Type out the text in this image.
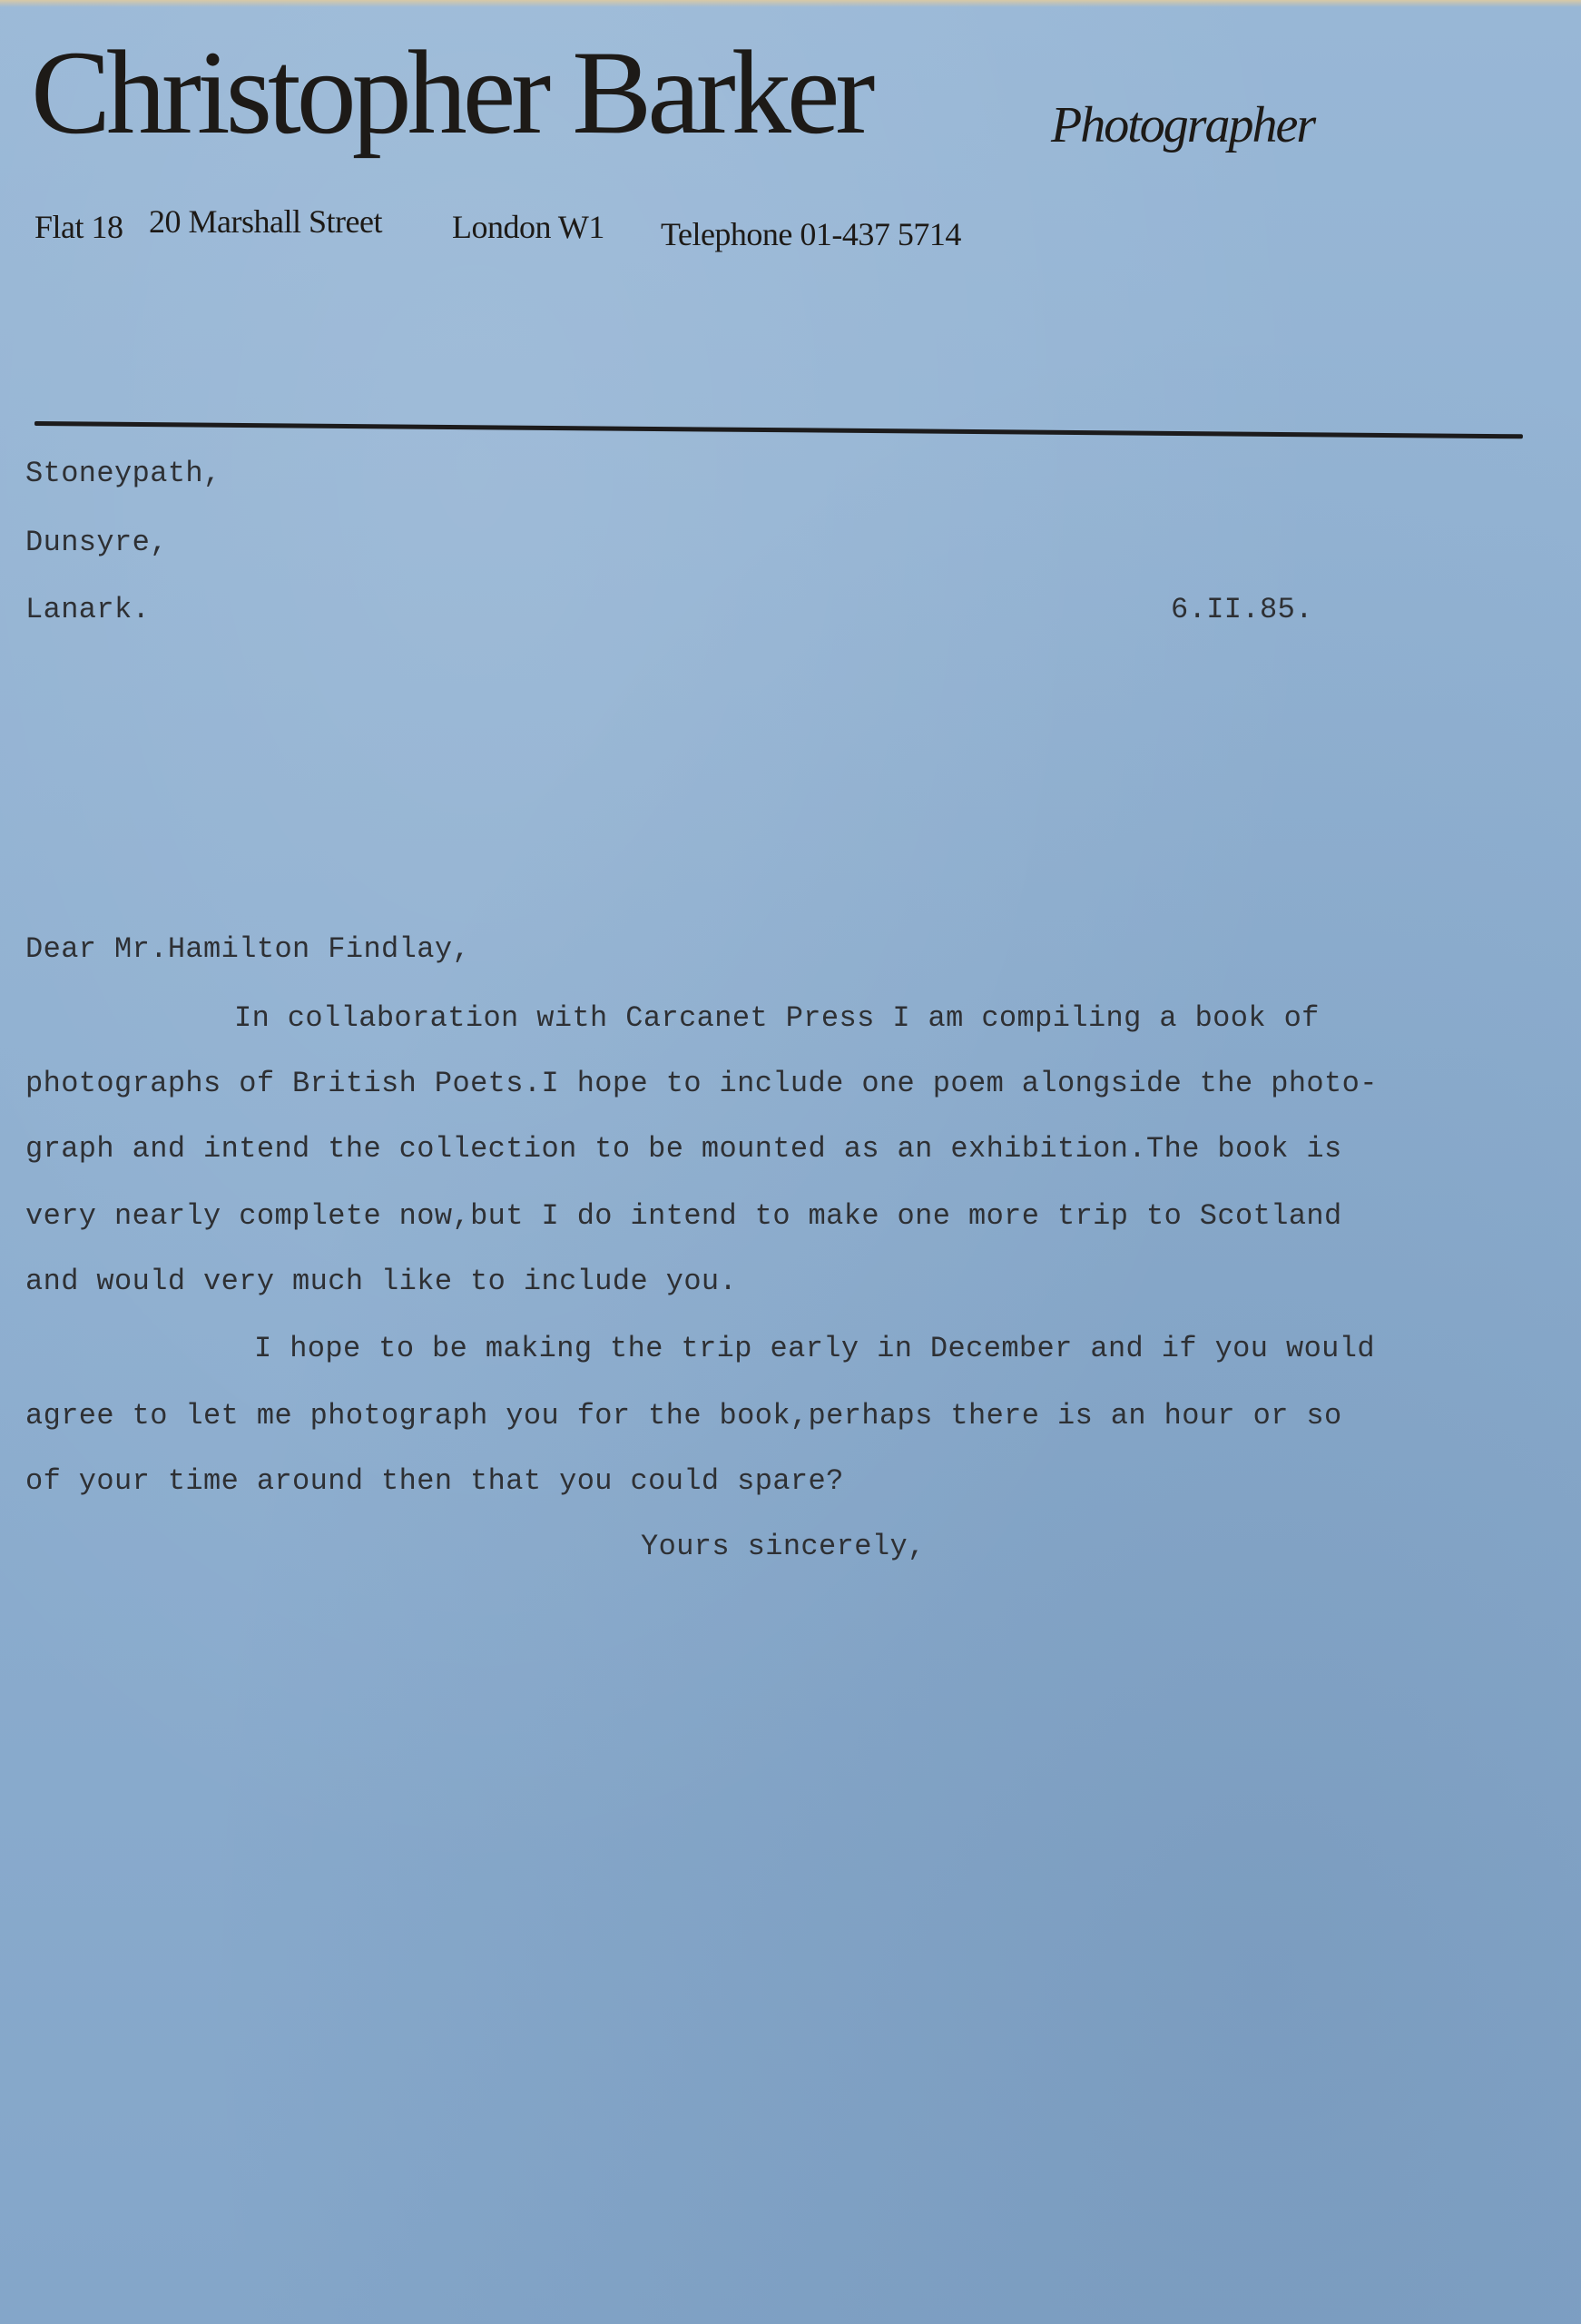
Christopher Barker	Photographer
Flat 18 20 Marshall Street London W1 Telephone 01-437 5714
Stoneypath,
Dunsyre,
Lanark.	6.II.85.
Dear Mr.Hamilton Findlay,
In collaboration with Carcanet Press I am compiling a book of
photographs of British Poets.I hope to include one poem alongside the photo-
graph and intend the collection to be mounted as an exhibition.The book is
very nearly complete now,but I do intend to make one more trip to Scotland
and would very much like to include you.
I hope to be making the trip early in December and if you would
agree to let me photograph you for the book,perhaps there is an hour or so
of your time around then that you could spare?
Yours sincerely,
